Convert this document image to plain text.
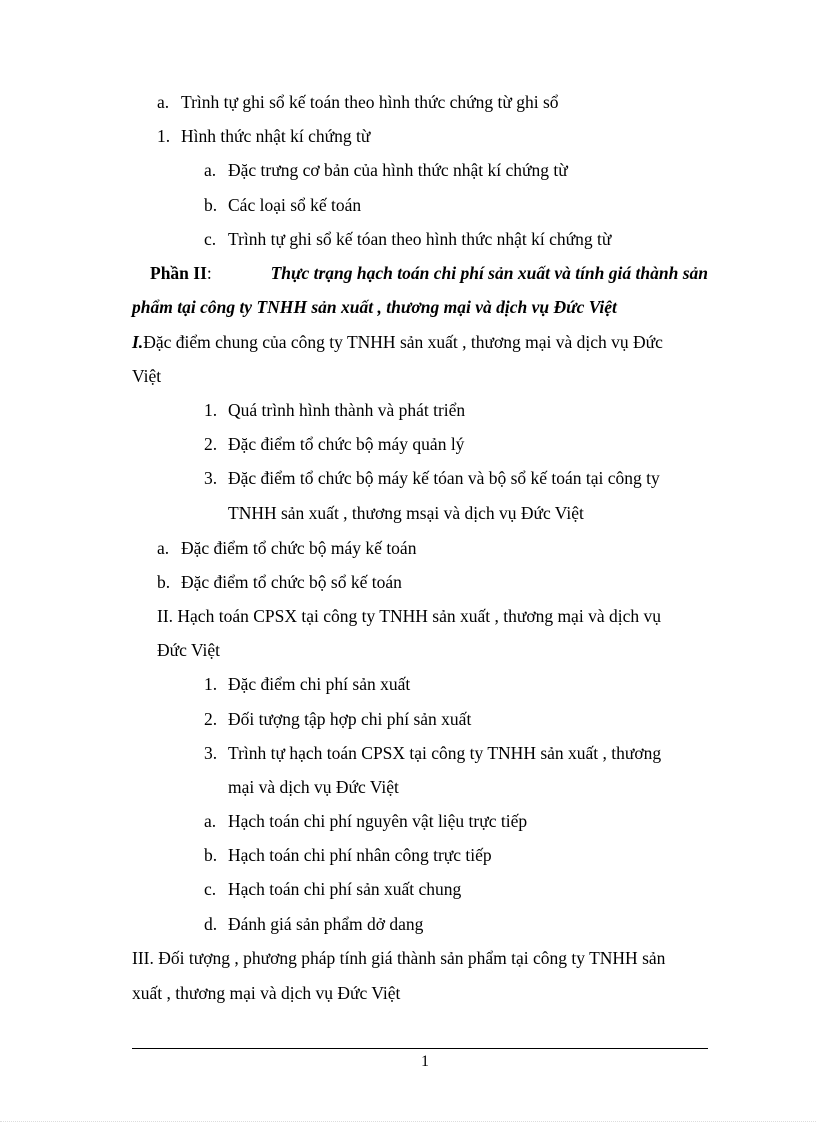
a. Trình tự ghi sổ kế toán theo hình thức chứng từ ghi sổ
1. Hình thức nhật kí chứng từ
a. Đặc trưng cơ bản của hình thức nhật kí chứng từ
b. Các loại sổ kế toán
c. Trình tự ghi sổ kế tóan theo hình thức nhật kí chứng từ
Phần II:	Thực trạng hạch toán chi phí sản xuất và tính giá thành sản
phẩm tại công ty TNHH sản xuất , thương mại và dịch vụ Đức Việt
I.Đặc điểm chung của công ty TNHH sản xuất , thương mại và dịch vụ Đức
Việt
1. Quá trình hình thành và phát triển
2. Đặc điểm tổ chức bộ máy quản lý
3. Đặc điểm tổ chức bộ máy kế tóan và bộ sổ kế toán tại công ty
TNHH sản xuất , thương msại và dịch vụ Đức Việt
a. Đặc điểm tổ chức bộ máy kế toán
b. Đặc điểm tổ chức bộ sổ kế toán
II. Hạch toán CPSX tại công ty TNHH sản xuất , thương mại và dịch vụ
Đức Việt
1. Đặc điểm chi phí sản xuất
2. Đối tượng tập hợp chi phí sản xuất
3. Trình tự hạch toán CPSX tại công ty TNHH sản xuất , thương
mại và dịch vụ Đức Việt
a. Hạch toán chi phí nguyên vật liệu trực tiếp
b. Hạch toán chi phí nhân công trực tiếp
c. Hạch toán chi phí sản xuất chung
d. Đánh giá sản phẩm dở dang
III. Đối tượng , phương pháp tính giá thành sản phẩm tại công ty TNHH sản
xuất , thương mại và dịch vụ Đức Việt
1
